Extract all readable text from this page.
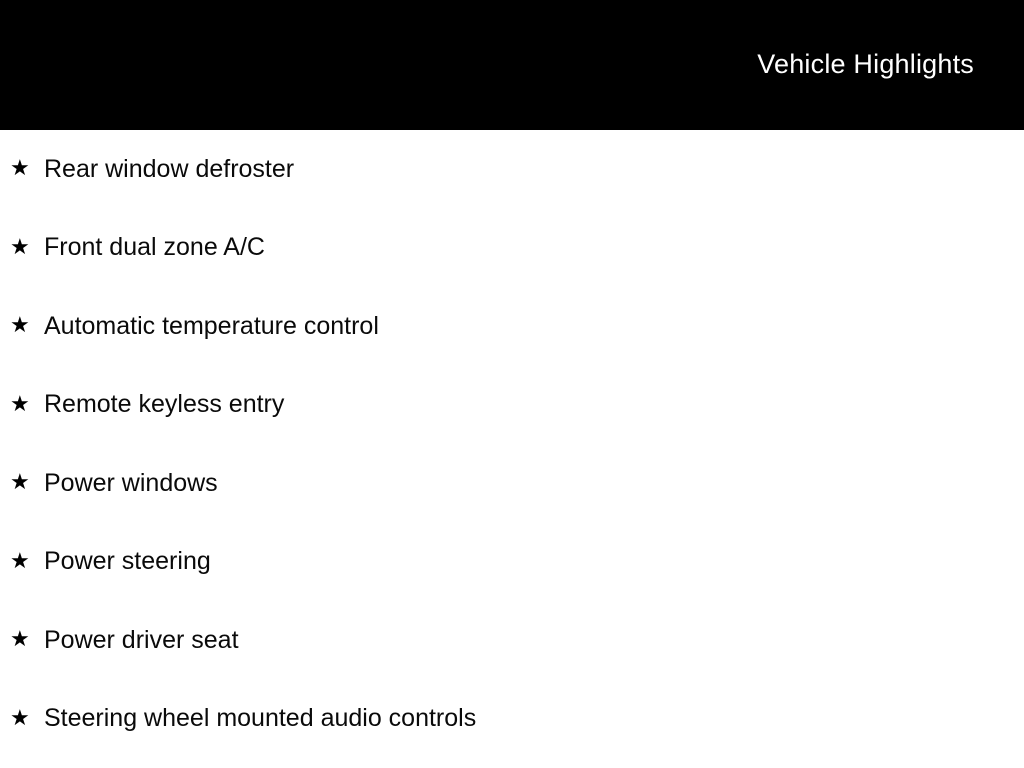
Vehicle Highlights
★ Rear window defroster
★ Front dual zone A/C
★ Automatic temperature control
★ Remote keyless entry
★ Power windows
★ Power steering
★ Power driver seat
★ Steering wheel mounted audio controls
